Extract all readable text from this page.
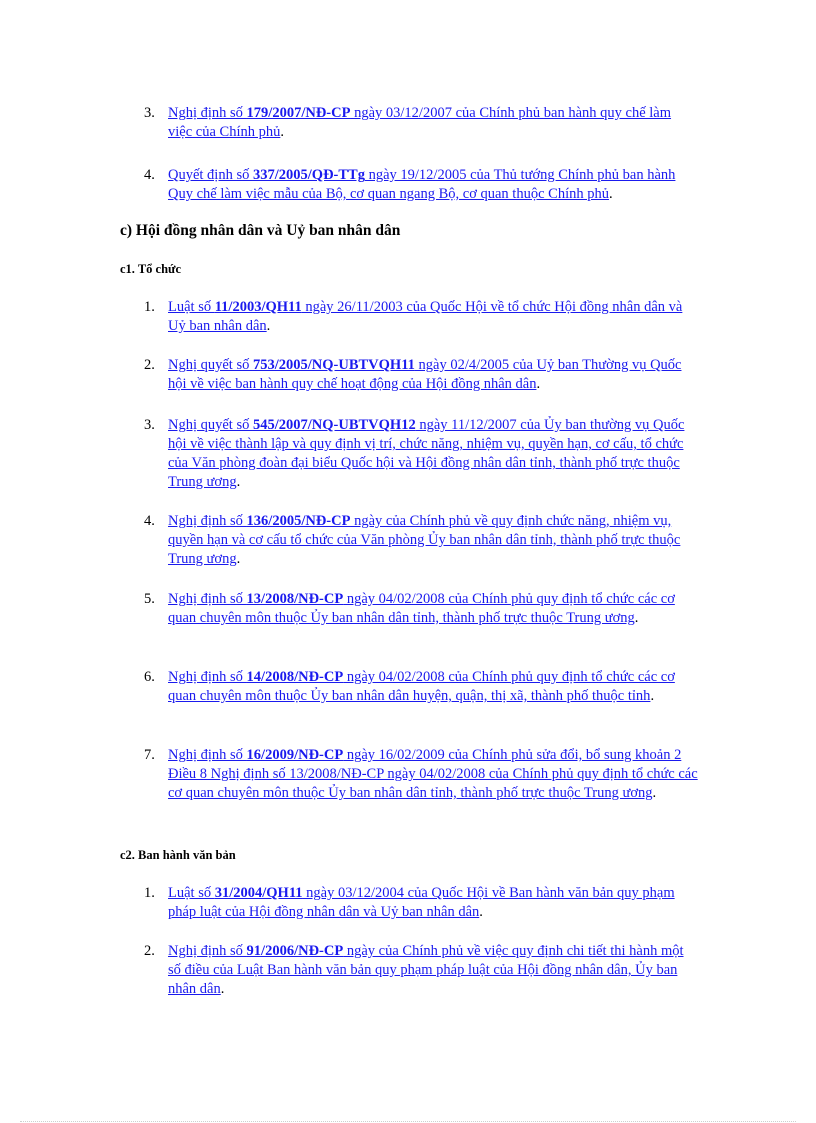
3. Nghị định số 179/2007/NĐ-CP ngày 03/12/2007 của Chính phủ ban hành quy chế làm việc của Chính phủ.
4. Quyết định số 337/2005/QĐ-TTg ngày 19/12/2005 của Thủ tướng Chính phủ ban hành Quy chế làm việc mẫu của Bộ, cơ quan ngang Bộ, cơ quan thuộc Chính phủ.
c) Hội đồng nhân dân và Uỷ ban nhân dân
c1. Tổ chức
1. Luật số 11/2003/QH11 ngày 26/11/2003 của Quốc Hội về tổ chức Hội đồng nhân dân và Uỷ ban nhân dân.
2. Nghị quyết số 753/2005/NQ-UBTVQH11 ngày 02/4/2005 của Uỷ ban Thường vụ Quốc hội về việc ban hành quy chế hoạt động của Hội đồng nhân dân.
3. Nghị quyết số 545/2007/NQ-UBTVQH12 ngày 11/12/2007 của Ủy ban thường vụ Quốc hội về việc thành lập và quy định vị trí, chức năng, nhiệm vụ, quyền hạn, cơ cấu, tổ chức của Văn phòng đoàn đại biểu Quốc hội và Hội đồng nhân dân tỉnh, thành phố trực thuộc Trung ương.
4. Nghị định số 136/2005/NĐ-CP ngày của Chính phủ về quy định chức năng, nhiệm vụ, quyền hạn và cơ cấu tổ chức của Văn phòng Ủy ban nhân dân tỉnh, thành phố trực thuộc Trung ương.
5. Nghị định số 13/2008/NĐ-CP ngày 04/02/2008 của Chính phủ quy định tổ chức các cơ quan chuyên môn thuộc Ủy ban nhân dân tỉnh, thành phố trực thuộc Trung ương.
6. Nghị định số 14/2008/NĐ-CP ngày 04/02/2008 của Chính phủ quy định tổ chức các cơ quan chuyên môn thuộc Ủy ban nhân dân huyện, quận, thị xã, thành phố thuộc tỉnh.
7. Nghị định số 16/2009/NĐ-CP ngày 16/02/2009 của Chính phủ sửa đổi, bổ sung khoản 2 Điều 8 Nghị định số 13/2008/NĐ-CP ngày 04/02/2008 của Chính phủ quy định tổ chức các cơ quan chuyên môn thuộc Ủy ban nhân dân tỉnh, thành phố trực thuộc Trung ương.
c2. Ban hành văn bản
1. Luật số 31/2004/QH11 ngày 03/12/2004 của Quốc Hội về Ban hành văn bản quy phạm pháp luật của Hội đồng nhân dân và Uỷ ban nhân dân.
2. Nghị định số 91/2006/NĐ-CP ngày của Chính phủ về việc quy định chi tiết thi hành một số điều của Luật Ban hành văn bản quy phạm pháp luật của Hội đồng nhân dân, Ủy ban nhân dân.
